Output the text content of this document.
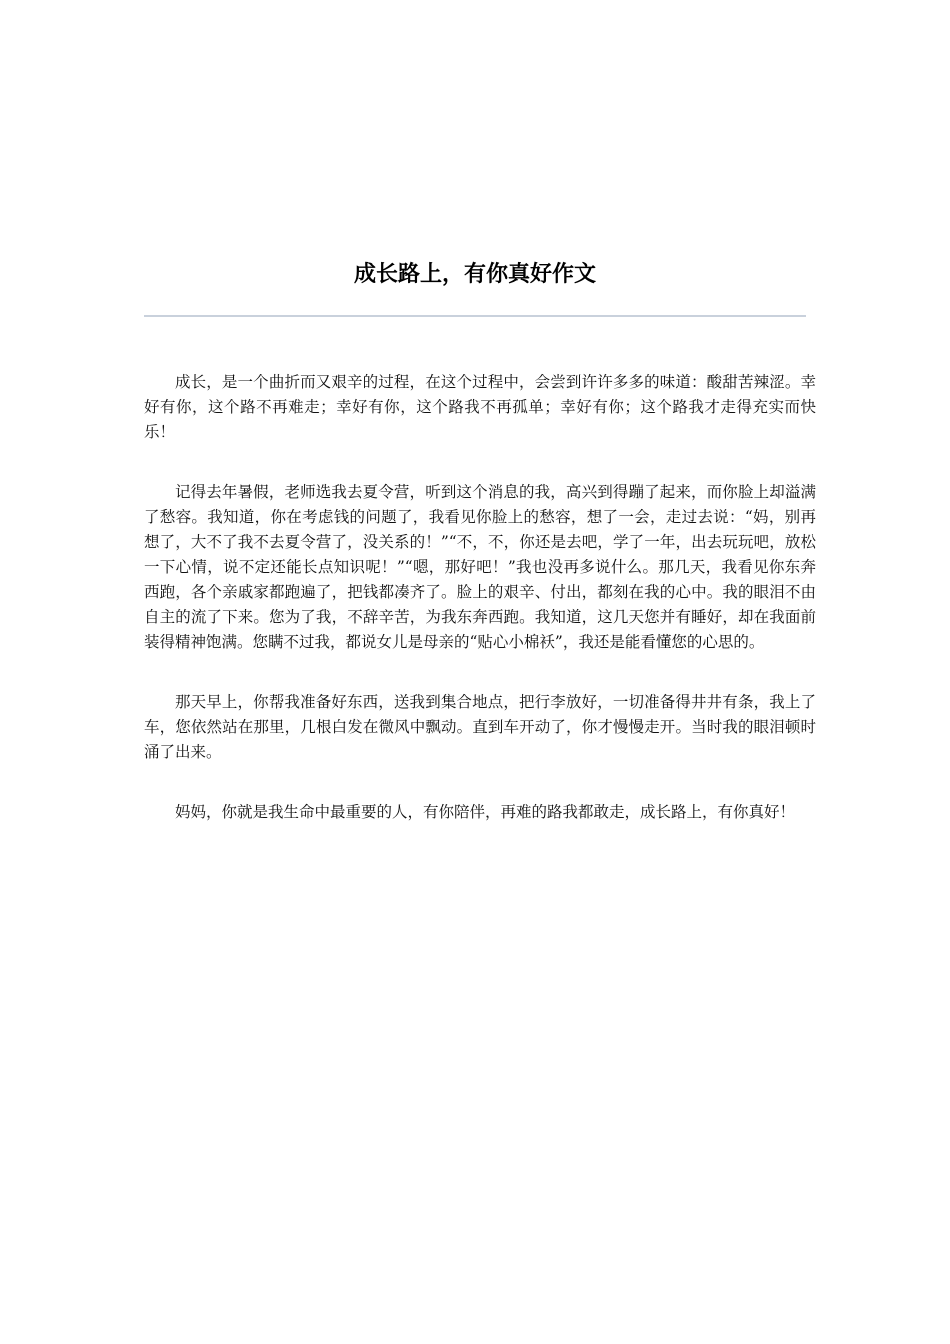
成长路上，有你真好作文

成长，是一个曲折而又艰辛的过程，在这个过程中，会尝到许许多多的味道：酸甜苦辣涩。幸好有你，这个路不再难走；幸好有你，这个路我不再孤单；幸好有你；这个路我才走得充实而快乐！

记得去年暑假，老师选我去夏令营，听到这个消息的我，高兴到得蹦了起来，而你脸上却溢满了愁容。我知道，你在考虑钱的问题了，我看见你脸上的愁容，想了一会，走过去说：“妈，别再想了，大不了我不去夏令营了，没关系的！”“不，不，你还是去吧，学了一年，出去玩玩吧，放松一下心情，说不定还能长点知识呢！”“嗯，那好吧！”我也没再多说什么。那几天，我看见你东奔西跑，各个亲戚家都跑遍了，把钱都凑齐了。脸上的艰辛、付出，都刻在我的心中。我的眼泪不由自主的流了下来。您为了我，不辞辛苦，为我东奔西跑。我知道，这几天您并有睡好，却在我面前装得精神饱满。您瞒不过我，都说女儿是母亲的“贴心小棉袄”，我还是能看懂您的心思的。

那天早上，你帮我准备好东西，送我到集合地点，把行李放好，一切准备得井井有条，我上了车，您依然站在那里，几根白发在微风中飘动。直到车开动了，你才慢慢走开。当时我的眼泪顿时涌了出来。

妈妈，你就是我生命中最重要的人，有你陪伴，再难的路我都敢走，成长路上，有你真好！
